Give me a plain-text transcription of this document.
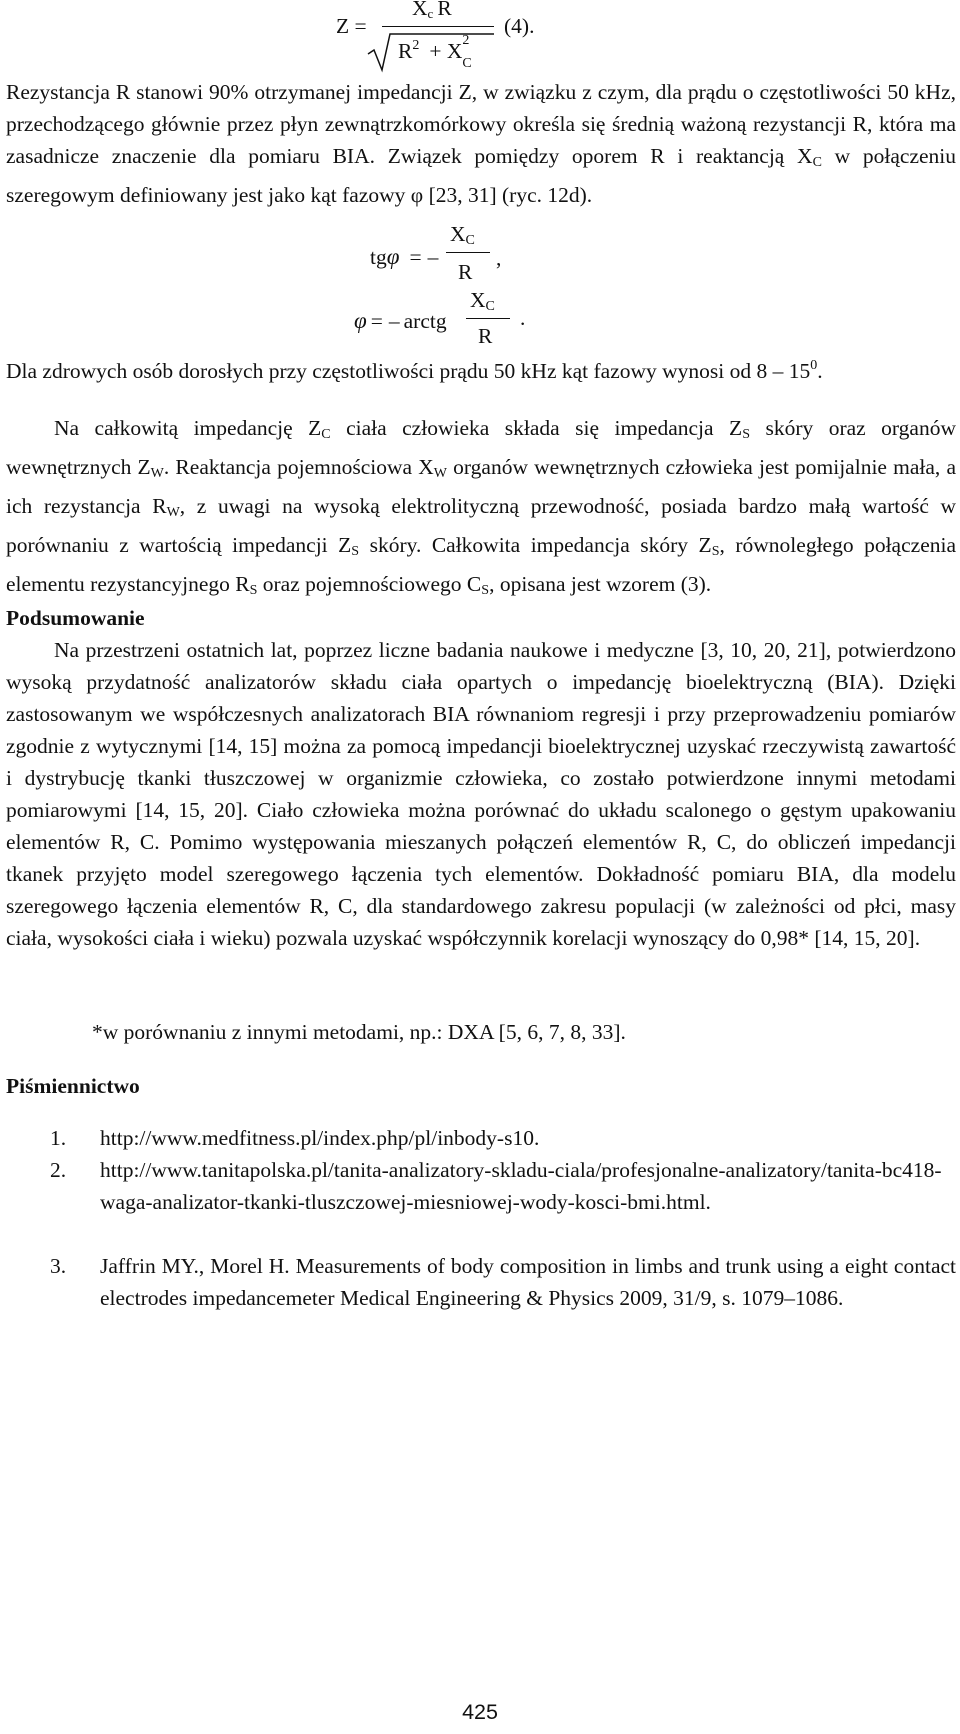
Z =
$X_c$ R
$R^2 + X$ 2
$_C$
(4).

Rezystancja R stanowi 90% otrzymanej impedancji Z, w związku z czym, dla prądu o częstotliwości 50 kHz, przechodzącego głównie przez płyn zewnątrzkomórkowy określa się średnią ważoną rezystancji R, która ma zasadnicze znaczenie dla pomiaru BIA. Związek pomiędzy oporem R i reaktancją $X_C$ w połączeniu szeregowym definiowany jest jako kąt fazowy φ [23, 31] (ryc. 12d).

tgφ = –
$X_C$
R
,
φ = – arctg
$X_C$
R
.

Dla zdrowych osób dorosłych przy częstotliwości prądu 50 kHz kąt fazowy wynosi od $8 - 15^0$.

Na całkowitą impedancję $Z_C$ ciała człowieka składa się impedancja $Z_S$ skóry oraz organów wewnętrznych $Z_W$. Reaktancja pojemnościowa $X_W$ organów wewnętrznych człowieka jest pomijalnie mała, a ich rezystancja $R_W$, z uwagi na wysoką elektrolityczną przewodność, posiada bardzo małą wartość w porównaniu z wartością impedancji $Z_S$ skóry. Całkowita impedancja skóry $Z_S$, równoległego połączenia elementu rezystancyjnego $R_S$ oraz pojemnościowego $C_S$, opisana jest wzorem (3).

Podsumowanie

Na przestrzeni ostatnich lat, poprzez liczne badania naukowe i medyczne [3, 10, 20, 21], potwierdzono wysoką przydatność analizatorów składu ciała opartych o impedancję bioelektryczną (BIA). Dzięki zastosowanym we współczesnych analizatorach BIA równaniom regresji i przy przeprowadzeniu pomiarów zgodnie z wytycznymi [14, 15] można za pomocą impedancji bioelektrycznej uzyskać rzeczywistą zawartość i dystrybucję tkanki tłuszczowej w organizmie człowieka, co zostało potwierdzone innymi metodami pomiarowymi [14, 15, 20]. Ciało człowieka można porównać do układu scalonego o gęstym upakowaniu elementów R, C. Pomimo występowania mieszanych połączeń elementów R, C, do obliczeń impedancji tkanek przyjęto model szeregowego łączenia tych elementów. Dokładność pomiaru BIA, dla modelu szeregowego łączenia elementów R, C, dla standardowego zakresu populacji (w zależności od płci, masy ciała, wysokości ciała i wieku) pozwala uzyskać współczynnik korelacji wynoszący do 0,98* [14, 15, 20].

*w porównaniu z innymi metodami, np.: DXA [5, 6, 7, 8, 33].
Piśmiennictwo
1. http://www.medfitness.pl/index.php/pl/inbody-s10.
2. http://www.tanitapolska.pl/tanita-analizatory-skladu-ciala/profesjonalne-analizatory/tanita-bc418-waga-analizator-tkanki-tluszczowej-miesniowej-wody-kosci-bmi.html.
3. Jaffrin MY., Morel H. Measurements of body composition in limbs and trunk using a eight contact electrodes impedancemeter Medical Engineering & Physics 2009, 31/9, s. 1079–1086.
425
